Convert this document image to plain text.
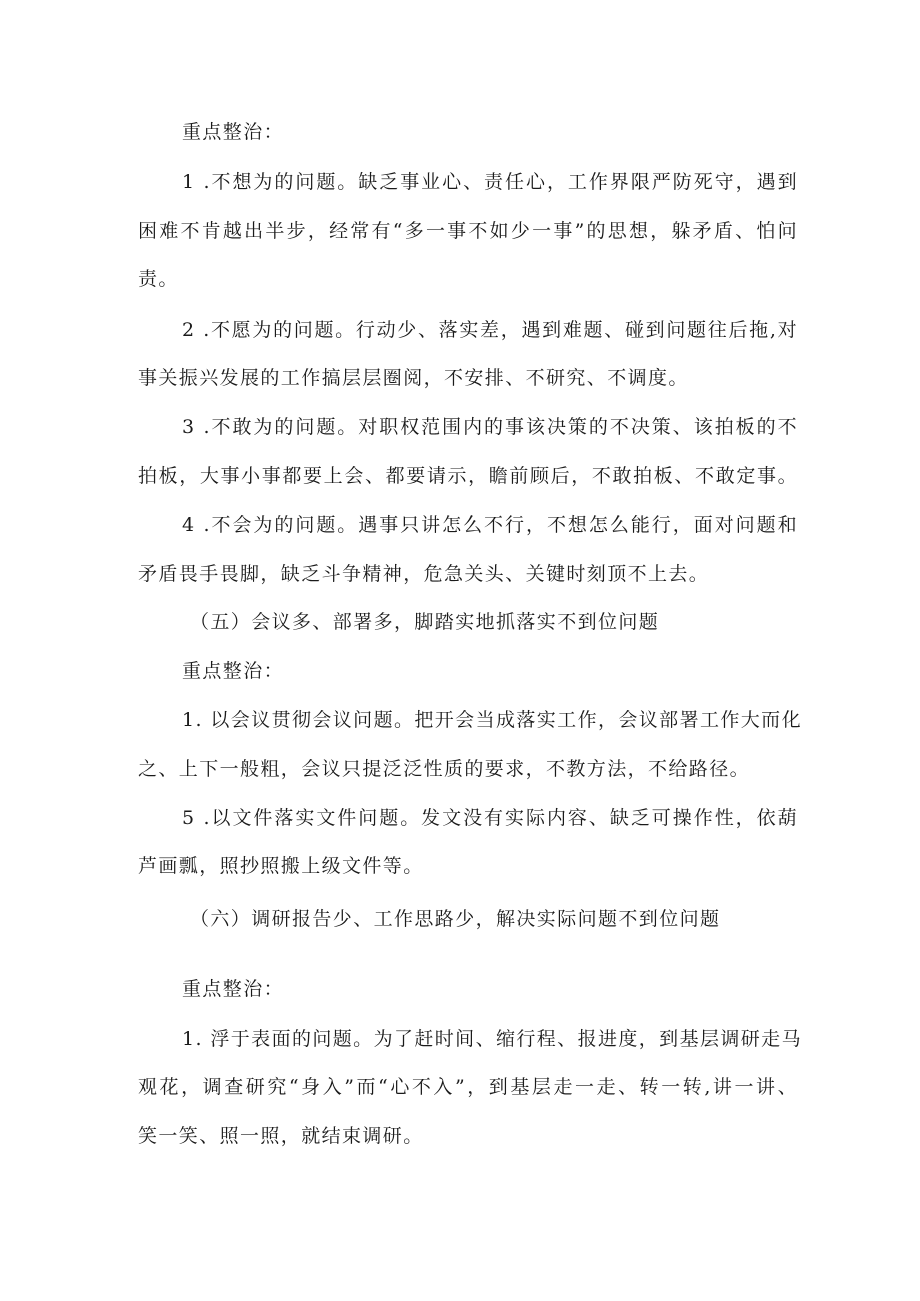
重点整治：
1 .不想为的问题。缺乏事业心、责任心，工作界限严防死守，遇到
困难不肯越出半步，经常有“多一事不如少一事”的思想，躲矛盾、怕问
责。
2 .不愿为的问题。行动少、落实差，遇到难题、碰到问题往后拖,对
事关振兴发展的工作搞层层圈阅，不安排、不研究、不调度。
3 .不敢为的问题。对职权范围内的事该决策的不决策、该拍板的不
拍板，大事小事都要上会、都要请示，瞻前顾后，不敢拍板、不敢定事。
4 .不会为的问题。遇事只讲怎么不行，不想怎么能行，面对问题和
矛盾畏手畏脚，缺乏斗争精神，危急关头、关键时刻顶不上去。
（五）会议多、部署多，脚踏实地抓落实不到位问题
重点整治：
1. 以会议贯彻会议问题。把开会当成落实工作，会议部署工作大而化
之、上下一般粗，会议只提泛泛性质的要求，不教方法，不给路径。
5 .以文件落实文件问题。发文没有实际内容、缺乏可操作性，依葫
芦画瓢，照抄照搬上级文件等。
（六）调研报告少、工作思路少，解决实际问题不到位问题
重点整治：
1. 浮于表面的问题。为了赶时间、缩行程、报进度，到基层调研走马
观花，调查研究“身入”而“心不入”，到基层走一走、转一转,讲一讲、
笑一笑、照一照，就结束调研。
